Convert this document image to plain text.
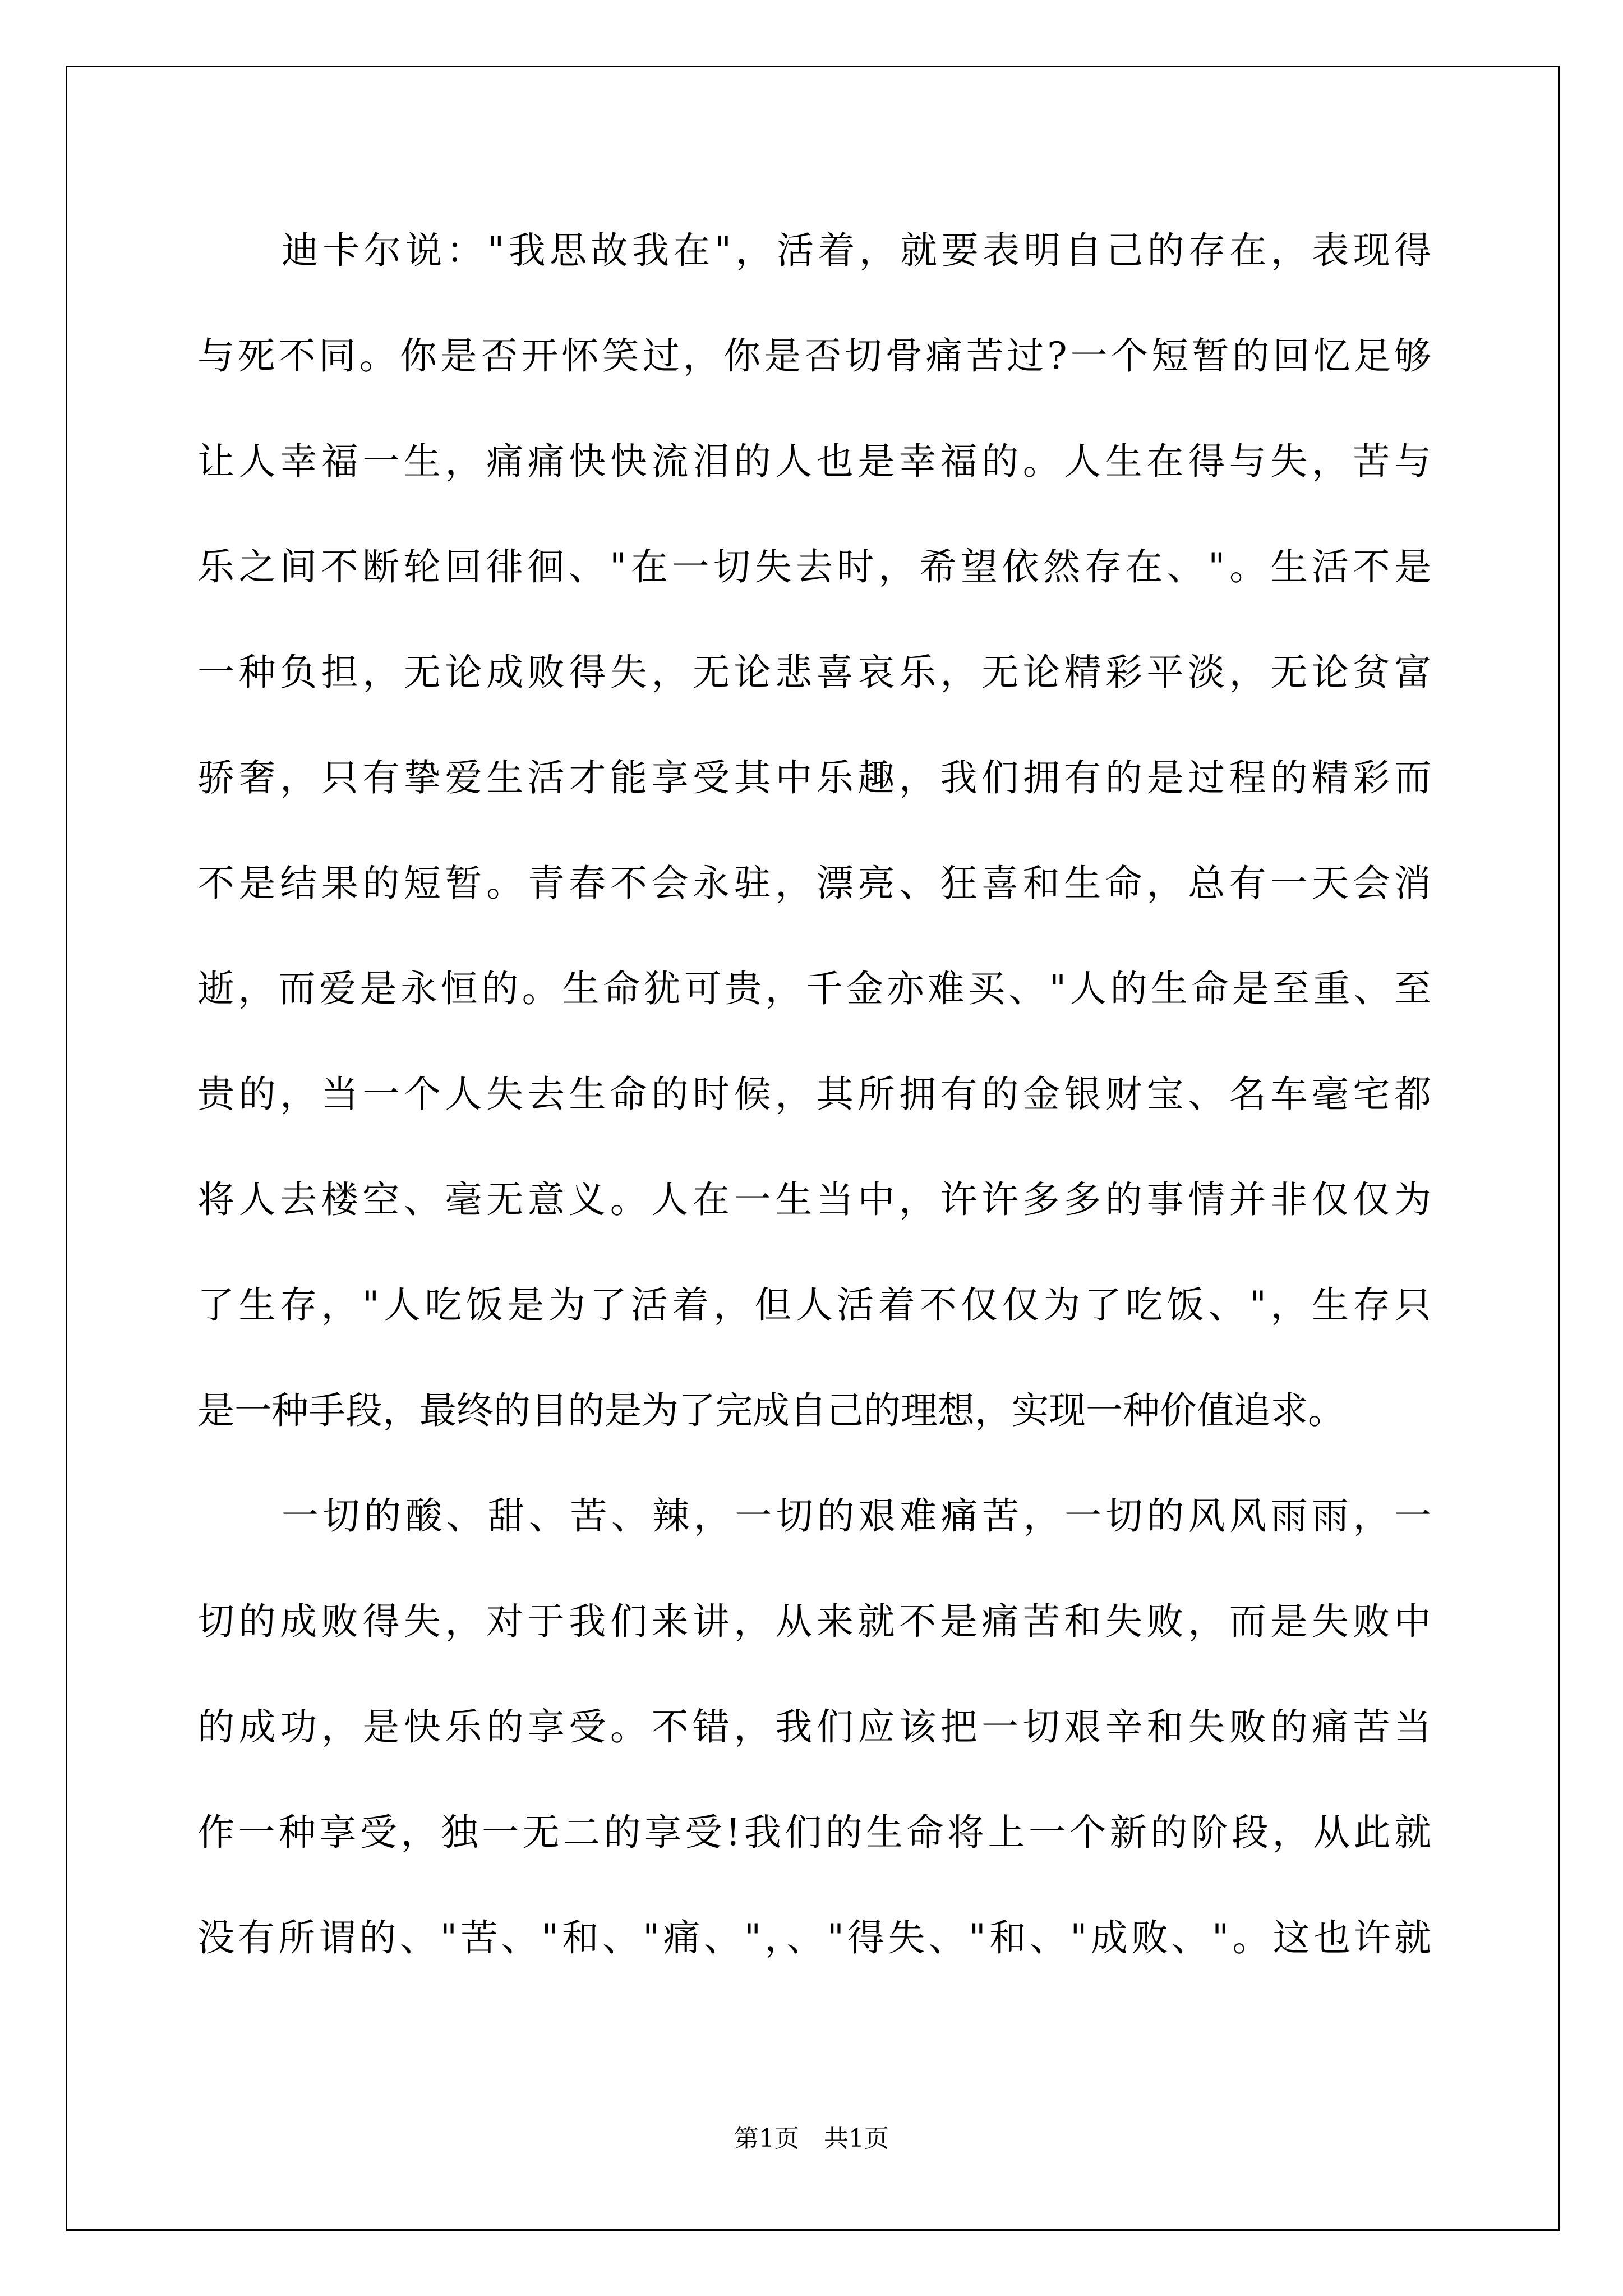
迪卡尔说："我思故我在"，活着，就要表明自己的存在，表现得
与死不同。你是否开怀笑过，你是否切骨痛苦过?一个短暂的回忆足够
让人幸福一生，痛痛快快流泪的人也是幸福的。人生在得与失，苦与
乐之间不断轮回徘徊、"在一切失去时，希望依然存在、"。生活不是
一种负担，无论成败得失，无论悲喜哀乐，无论精彩平淡，无论贫富
骄奢，只有挚爱生活才能享受其中乐趣，我们拥有的是过程的精彩而
不是结果的短暂。青春不会永驻，漂亮、狂喜和生命，总有一天会消
逝，而爱是永恒的。生命犹可贵，千金亦难买、"人的生命是至重、至
贵的，当一个人失去生命的时候，其所拥有的金银财宝、名车毫宅都
将人去楼空、毫无意义。人在一生当中，许许多多的事情并非仅仅为
了生存，"人吃饭是为了活着，但人活着不仅仅为了吃饭、"，生存只
是一种手段，最终的目的是为了完成自己的理想，实现一种价值追求。
一切的酸、甜、苦、辣，一切的艰难痛苦，一切的风风雨雨，一
切的成败得失，对于我们来讲，从来就不是痛苦和失败，而是失败中
的成功，是快乐的享受。不错，我们应该把一切艰辛和失败的痛苦当
作一种享受，独一无二的享受!我们的生命将上一个新的阶段，从此就
没有所谓的、"苦、"和、"痛、"，、"得失、"和、"成败、"。这也许就
第1页　共1页
